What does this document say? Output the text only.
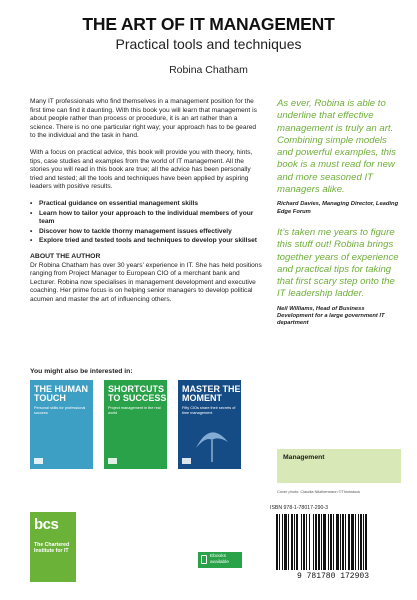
THE ART OF IT MANAGEMENT
Practical tools and techniques
Robina Chatham

Many IT professionals who find themselves in a management position for the first time can find it daunting. With this book you will learn that management is about people rather than process or procedure, it is an art rather than a science. There is no one particular right way; your approach has to be geared to the individual and the task in hand.

With a focus on practical advice, this book will provide you with theory, hints, tips, case studies and examples from the world of IT management. All the stories you will read in this book are true; all the advice has been personally tried and tested; all the tools and techniques have been applied by aspiring leaders with positive results.

• Practical guidance on essential management skills
• Learn how to tailor your approach to the individual members of your team
• Discover how to tackle thorny management issues effectively
• Explore tried and tested tools and techniques to develop your skillset
ABOUT THE AUTHOR

Dr Robina Chatham has over 30 years’ experience in IT. She has held positions ranging from Project Manager to European CIO of a merchant bank and Lecturer. Robina now specialises in management development and executive coaching. Her prime focus is on helping senior managers to develop political acumen and master the art of influencing others.

You might also be interested in:
THE HUMAN TOUCH
Personal skills for professional success
SHORTCUTS TO SUCCESS
Project management in the real world
MASTER THE MOMENT
Fifty CIOs share their secrets of time management
As ever, Robina is able to underline that effective management is truly an art. Combining simple models and powerful examples, this book is a must read for new and more seasoned IT managers alike.
Richard Davies, Managing Director, Leading Edge Forum
It’s taken me years to figure this stuff out! Robina brings together years of experience and practical tips for taking that first scary step onto the IT leadership ladder.
Neil Williams, Head of Business Development for a large government IT department
Management
Cover photo: Claudia Nitzlbermann ©Thinkstock
bcs
The Chartered Institute for IT
Ebooks available
ISBN 978-1-78017-290-3
9 781780 172903
